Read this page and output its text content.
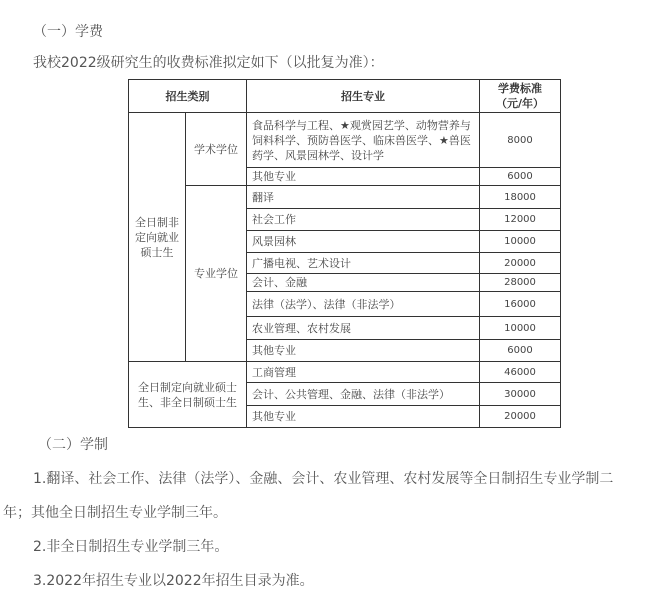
（一）学费
我校2022级研究生的收费标准拟定如下（以批复为准）：
招生类别		招生专业	学费标准（元/年）
全日制非定向就业硕士生	学术学位	食品科学与工程、★观赏园艺学、动物营养与饲料科学、预防兽医学、临床兽医学、★兽医药学、风景园林学、设计学	8000
		其他专业	6000
	专业学位	翻译	18000
		社会工作	12000
		风景园林	10000
		广播电视、艺术设计	20000
		会计、金融	28000
		法律（法学）、法律（非法学）	16000
		农业管理、农村发展	10000
		其他专业	6000
全日制定向就业硕士生、非全日制硕士生		工商管理	46000
		会计、公共管理、金融、法律（非法学）	30000
		其他专业	20000
（二）学制
1.翻译、社会工作、法律（法学）、金融、会计、农业管理、农村发展等全日制招生专业学制二
年；其他全日制招生专业学制三年。
2.非全日制招生专业学制三年。
3.2022年招生专业以2022年招生目录为准。
